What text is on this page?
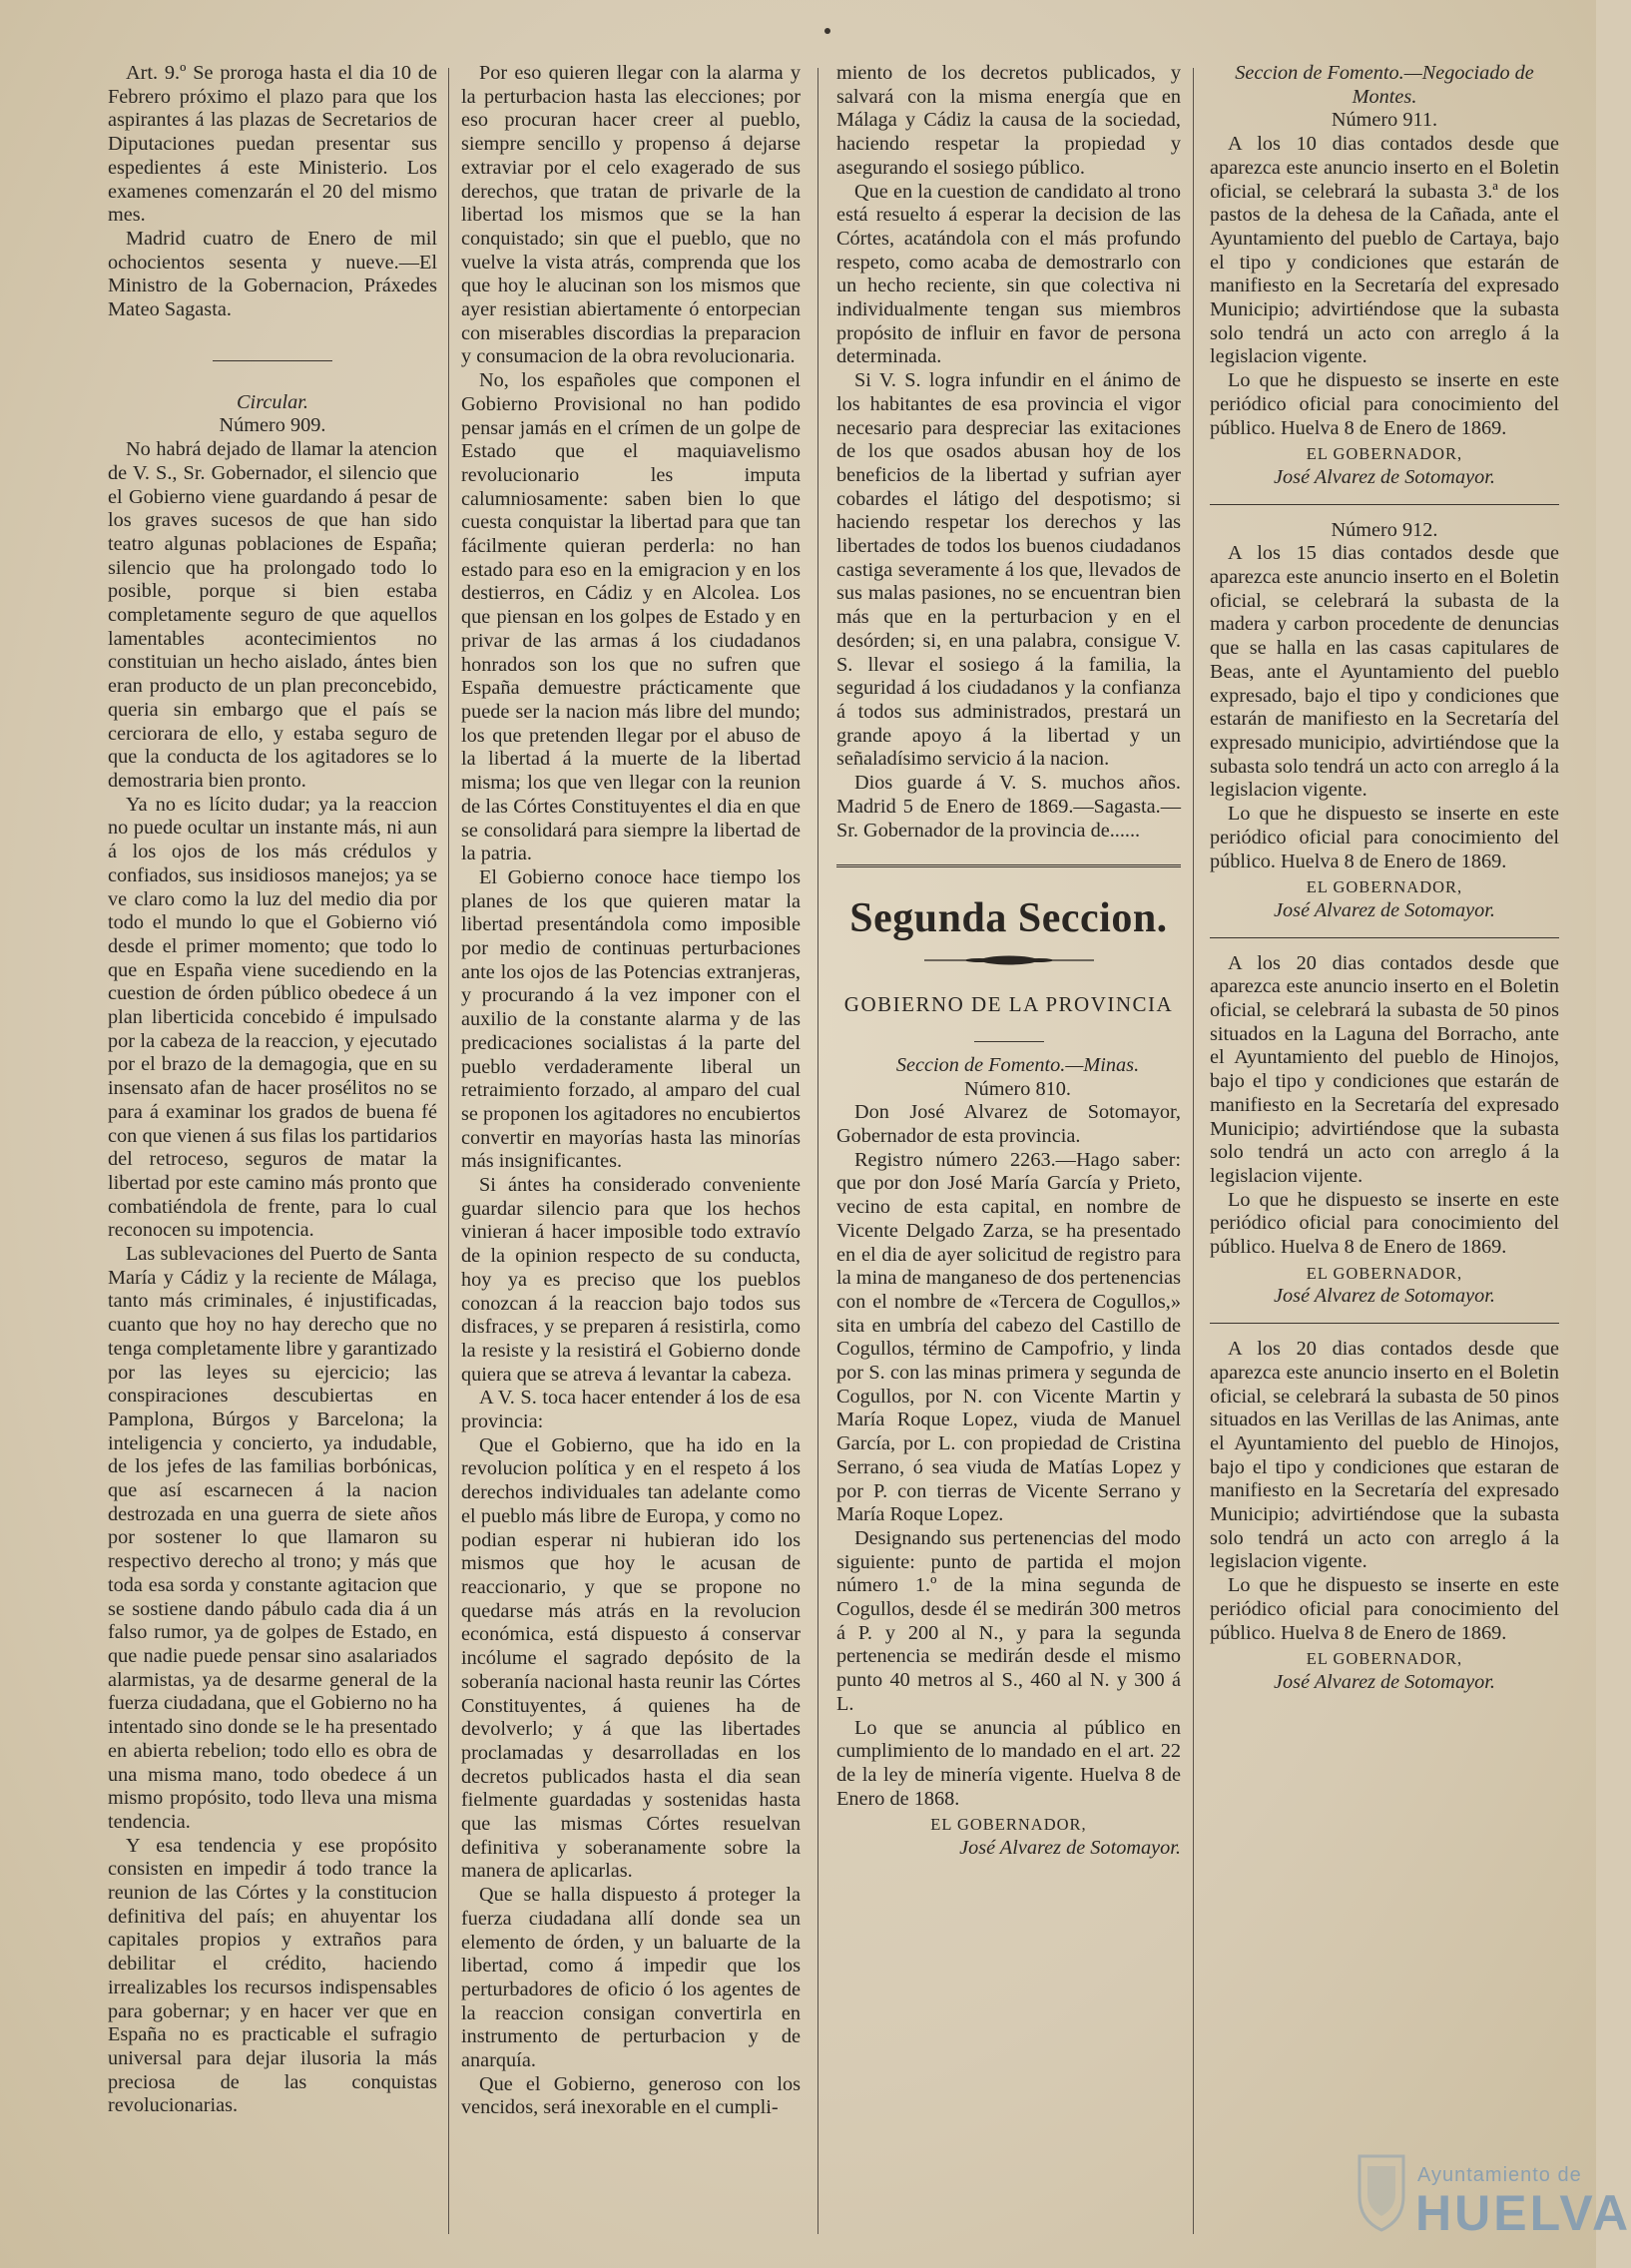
Art. 9.º Se proroga hasta el dia 10 de Febrero próximo el plazo para que los aspirantes á las plazas de Secretarios de Diputaciones puedan presentar sus espedientes á este Ministerio. Los examenes comenzarán el 20 del mismo mes.

Madrid cuatro de Enero de mil ochocientos sesenta y nueve.—El Ministro de la Gobernacion, Práxedes Mateo Sagasta.

Circular.

Número 909.

No habrá dejado de llamar la atencion de V. S., Sr. Gobernador, el silencio que el Gobierno viene guardando á pesar de los graves sucesos de que han sido teatro algunas poblaciones de España; silencio que ha prolongado todo lo posible, porque si bien estaba completamente seguro de que aquellos lamentables acontecimientos no constituian un hecho aislado, ántes bien eran producto de un plan preconcebido, queria sin embargo que el país se cerciorara de ello, y estaba seguro de que la conducta de los agitadores se lo demostraria bien pronto.

Ya no es lícito dudar; ya la reaccion no puede ocultar un instante más, ni aun á los ojos de los más crédulos y confiados, sus insidiosos manejos; ya se ve claro como la luz del medio dia por todo el mundo lo que el Gobierno vió desde el primer momento; que todo lo que en España viene sucediendo en la cuestion de órden público obedece á un plan liberticida concebido é impulsado por la cabeza de la reaccion, y ejecutado por el brazo de la demagogia, que en su insensato afan de hacer prosélitos no se para á examinar los grados de buena fé con que vienen á sus filas los partidarios del retroceso, seguros de matar la libertad por este camino más pronto que combatiéndola de frente, para lo cual reconocen su impotencia.

Las sublevaciones del Puerto de Santa María y Cádiz y la reciente de Málaga, tanto más criminales, é injustificadas, cuanto que hoy no hay derecho que no tenga completamente libre y garantizado por las leyes su ejercicio; las conspiraciones descubiertas en Pamplona, Búrgos y Barcelona; la inteligencia y concierto, ya indudable, de los jefes de las familias borbónicas, que así escarnecen á la nacion destrozada en una guerra de siete años por sostener lo que llamaron su respectivo derecho al trono; y más que toda esa sorda y constante agitacion que se sostiene dando pábulo cada dia á un falso rumor, ya de golpes de Estado, en que nadie puede pensar sino asalariados alarmistas, ya de desarme general de la fuerza ciudadana, que el Gobierno no ha intentado sino donde se le ha presentado en abierta rebelion; todo ello es obra de una misma mano, todo obedece á un mismo propósito, todo lleva una misma tendencia.

Y esa tendencia y ese propósito consisten en impedir á todo trance la reunion de las Córtes y la constitucion definitiva del país; en ahuyentar los capitales propios y extraños para debilitar el crédito, haciendo irrealizables los recursos indispensables para gobernar; y en hacer ver que en España no es practicable el sufragio universal para dejar ilusoria la más preciosa de las conquistas revolucionarias.

Por eso quieren llegar con la alarma y la perturbacion hasta las elecciones; por eso procuran hacer creer al pueblo, siempre sencillo y propenso á dejarse extraviar por el celo exagerado de sus derechos, que tratan de privarle de la libertad los mismos que se la han conquistado; sin que el pueblo, que no vuelve la vista atrás, comprenda que los que hoy le alucinan son los mismos que ayer resistian abiertamente ó entorpecian con miserables discordias la preparacion y consumacion de la obra revolucionaria.

No, los españoles que componen el Gobierno Provisional no han podido pensar jamás en el crímen de un golpe de Estado que el maquiavelismo revolucionario les imputa calumniosamente: saben bien lo que cuesta conquistar la libertad para que tan fácilmente quieran perderla: no han estado para eso en la emigracion y en los destierros, en Cádiz y en Alcolea. Los que piensan en los golpes de Estado y en privar de las armas á los ciudadanos honrados son los que no sufren que España demuestre prácticamente que puede ser la nacion más libre del mundo; los que pretenden llegar por el abuso de la libertad á la muerte de la libertad misma; los que ven llegar con la reunion de las Córtes Constituyentes el dia en que se consolidará para siempre la libertad de la patria.

El Gobierno conoce hace tiempo los planes de los que quieren matar la libertad presentándola como imposible por medio de continuas perturbaciones ante los ojos de las Potencias extranjeras, y procurando á la vez imponer con el auxilio de la constante alarma y de las predicaciones socialistas á la parte del pueblo verdaderamente liberal un retraimiento forzado, al amparo del cual se proponen los agitadores no encubiertos convertir en mayorías hasta las minorías más insignificantes.

Si ántes ha considerado conveniente guardar silencio para que los hechos vinieran á hacer imposible todo extravío de la opinion respecto de su conducta, hoy ya es preciso que los pueblos conozcan á la reaccion bajo todos sus disfraces, y se preparen á resistirla, como la resiste y la resistirá el Gobierno donde quiera que se atreva á levantar la cabeza.

A V. S. toca hacer entender á los de esa provincia:

Que el Gobierno, que ha ido en la revolucion política y en el respeto á los derechos individuales tan adelante como el pueblo más libre de Europa, y como no podian esperar ni hubieran ido los mismos que hoy le acusan de reaccionario, y que se propone no quedarse más atrás en la revolucion económica, está dispuesto á conservar incólume el sagrado depósito de la soberanía nacional hasta reunir las Córtes Constituyentes, á quienes ha de devolverlo; y á que las libertades proclamadas y desarrolladas en los decretos publicados hasta el dia sean fielmente guardadas y sostenidas hasta que las mismas Córtes resuelvan definitiva y soberanamente sobre la manera de aplicarlas.

Que se halla dispuesto á proteger la fuerza ciudadana allí donde sea un elemento de órden, y un baluarte de la libertad, como á impedir que los perturbadores de oficio ó los agentes de la reaccion consigan convertirla en instrumento de perturbacion y de anarquía.

Que el Gobierno, generoso con los vencidos, será inexorable en el cumpli-

miento de los decretos publicados, y salvará con la misma energía que en Málaga y Cádiz la causa de la sociedad, haciendo respetar la propiedad y asegurando el sosiego público.

Que en la cuestion de candidato al trono está resuelto á esperar la decision de las Córtes, acatándola con el más profundo respeto, como acaba de demostrarlo con un hecho reciente, sin que colectiva ni individualmente tengan sus miembros propósito de influir en favor de persona determinada.

Si V. S. logra infundir en el ánimo de los habitantes de esa provincia el vigor necesario para despreciar las exitaciones de los que osados abusan hoy de los beneficios de la libertad y sufrian ayer cobardes el látigo del despotismo; si haciendo respetar los derechos y las libertades de todos los buenos ciudadanos castiga severamente á los que, llevados de sus malas pasiones, no se encuentran bien más que en la perturbacion y en el desórden; si, en una palabra, consigue V. S. llevar el sosiego á la familia, la seguridad á los ciudadanos y la confianza á todos sus administrados, prestará un grande apoyo á la libertad y un señaladísimo servicio á la nacion.

Dios guarde á V. S. muchos años. Madrid 5 de Enero de 1869.—Sagasta.—Sr. Gobernador de la provincia de......

Segunda Seccion.
GOBIERNO DE LA PROVINCIA

Seccion de Fomento.—Minas.

Número 810.

Don José Alvarez de Sotomayor, Gobernador de esta provincia.

Registro número 2263.—Hago saber: que por don José María García y Prieto, vecino de esta capital, en nombre de Vicente Delgado Zarza, se ha presentado en el dia de ayer solicitud de registro para la mina de manganeso de dos pertenencias con el nombre de «Tercera de Cogullos,» sita en umbría del cabezo del Castillo de Cogullos, término de Campofrio, y linda por S. con las minas primera y segunda de Cogullos, por N. con Vicente Martin y María Roque Lopez, viuda de Manuel García, por L. con propiedad de Cristina Serrano, ó sea viuda de Matías Lopez y por P. con tierras de Vicente Serrano y María Roque Lopez.

Designando sus pertenencias del modo siguiente: punto de partida el mojon número 1.º de la mina segunda de Cogullos, desde él se medirán 300 metros á P. y 200 al N., y para la segunda pertenencia se medirán desde el mismo punto 40 metros al S., 460 al N. y 300 á L.

Lo que se anuncia al público en cumplimiento de lo mandado en el art. 22 de la ley de minería vigente. Huelva 8 de Enero de 1868.

EL GOBERNADOR,

José Alvarez de Sotomayor.

Seccion de Fomento.—Negociado de Montes.

Número 911.

A los 10 dias contados desde que aparezca este anuncio inserto en el Boletin oficial, se celebrará la subasta 3.ª de los pastos de la dehesa de la Cañada, ante el Ayuntamiento del pueblo de Cartaya, bajo el tipo y condiciones que estarán de manifiesto en la Secretaría del expresado Municipio; advirtiéndose que la subasta solo tendrá un acto con arreglo á la legislacion vigente.

Lo que he dispuesto se inserte en este periódico oficial para conocimiento del público. Huelva 8 de Enero de 1869.

EL GOBERNADOR,

José Alvarez de Sotomayor.

Número 912.

A los 15 dias contados desde que aparezca este anuncio inserto en el Boletin oficial, se celebrará la subasta de la madera y carbon procedente de denuncias que se halla en las casas capitulares de Beas, ante el Ayuntamiento del pueblo expresado, bajo el tipo y condiciones que estarán de manifiesto en la Secretaría del expresado municipio, advirtiéndose que la subasta solo tendrá un acto con arreglo á la legislacion vigente.

Lo que he dispuesto se inserte en este periódico oficial para conocimiento del público. Huelva 8 de Enero de 1869.

EL GOBERNADOR,

José Alvarez de Sotomayor.

A los 20 dias contados desde que aparezca este anuncio inserto en el Boletin oficial, se celebrará la subasta de 50 pinos situados en la Laguna del Borracho, ante el Ayuntamiento del pueblo de Hinojos, bajo el tipo y condiciones que estarán de manifiesto en la Secretaría del expresado Municipio; advirtiéndose que la subasta solo tendrá un acto con arreglo á la legislacion vijente.

Lo que he dispuesto se inserte en este periódico oficial para conocimiento del público. Huelva 8 de Enero de 1869.

EL GOBERNADOR,

José Alvarez de Sotomayor.

A los 20 dias contados desde que aparezca este anuncio inserto en el Boletin oficial, se celebrará la subasta de 50 pinos situados en las Verillas de las Animas, ante el Ayuntamiento del pueblo de Hinojos, bajo el tipo y condiciones que estaran de manifiesto en la Secretaría del expresado Municipio; advirtiéndose que la subasta solo tendrá un acto con arreglo á la legislacion vigente.

Lo que he dispuesto se inserte en este periódico oficial para conocimiento del público. Huelva 8 de Enero de 1869.

EL GOBERNADOR,

José Alvarez de Sotomayor.

Ayuntamiento de
HUELVA
